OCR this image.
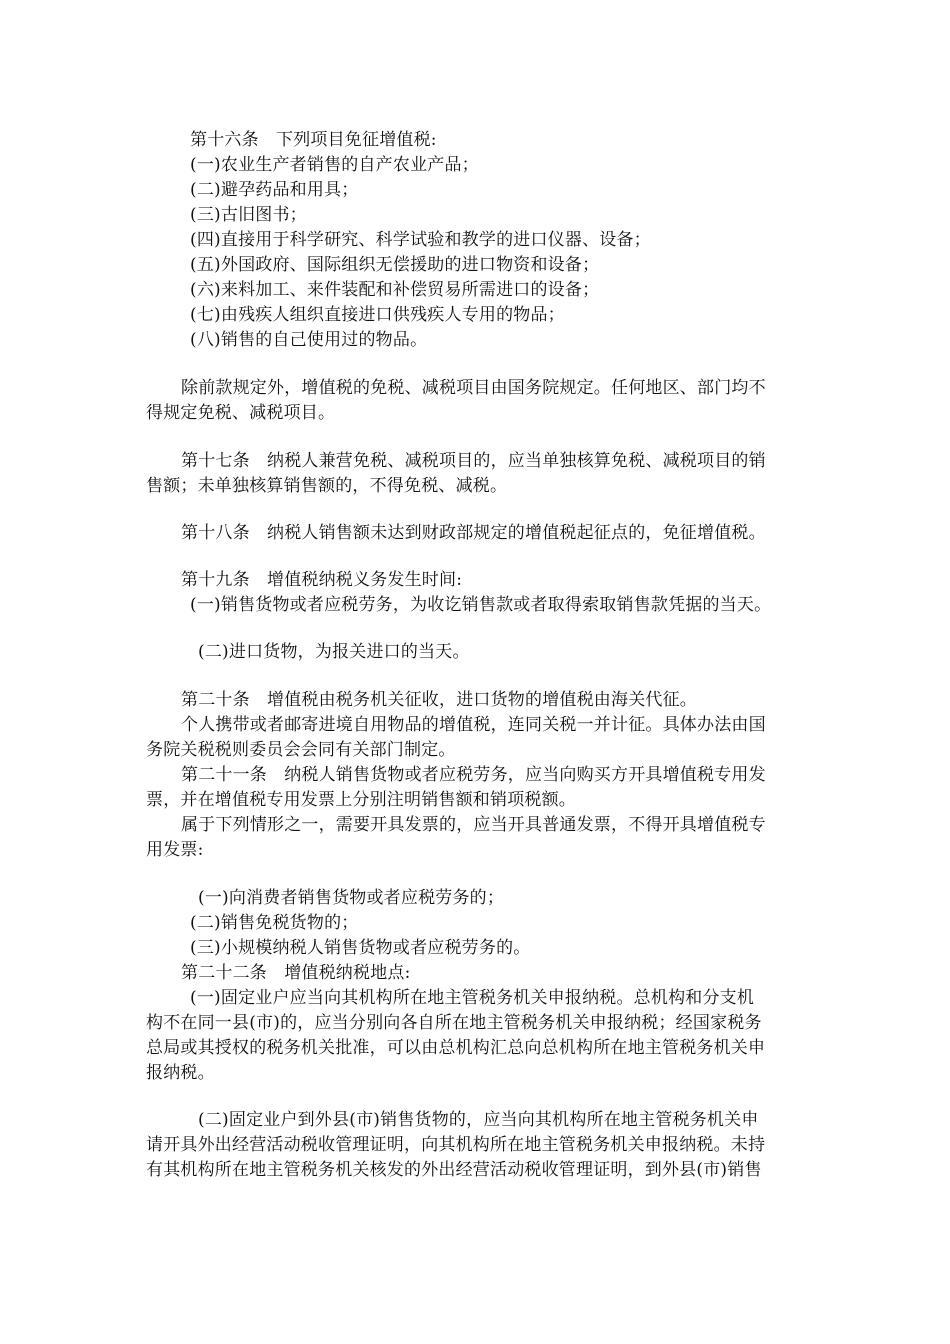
第十六条　下列项目免征增值税:
(一)农业生产者销售的自产农业产品；
(二)避孕药品和用具；
(三)古旧图书；
(四)直接用于科学研究、科学试验和教学的进口仪器、设备；
(五)外国政府、国际组织无偿援助的进口物资和设备；
(六)来料加工、来件装配和补偿贸易所需进口的设备；
(七)由残疾人组织直接进口供残疾人专用的物品；
(八)销售的自己使用过的物品。
除前款规定外，增值税的免税、减税项目由国务院规定。任何地区、部门均不
得规定免税、减税项目。
第十七条　纳税人兼营免税、减税项目的，应当单独核算免税、减税项目的销
售额；未单独核算销售额的，不得免税、减税。
第十八条　纳税人销售额未达到财政部规定的增值税起征点的，免征增值税。
第十九条　增值税纳税义务发生时间:
(一)销售货物或者应税劳务，为收讫销售款或者取得索取销售款凭据的当天。
(二)进口货物，为报关进口的当天。
第二十条　增值税由税务机关征收，进口货物的增值税由海关代征。
个人携带或者邮寄进境自用物品的增值税，连同关税一并计征。具体办法由国
务院关税税则委员会会同有关部门制定。
第二十一条　纳税人销售货物或者应税劳务，应当向购买方开具增值税专用发
票，并在增值税专用发票上分别注明销售额和销项税额。
属于下列情形之一，需要开具发票的，应当开具普通发票，不得开具增值税专
用发票:
(一)向消费者销售货物或者应税劳务的；
(二)销售免税货物的；
(三)小规模纳税人销售货物或者应税劳务的。
第二十二条　增值税纳税地点:
(一)固定业户应当向其机构所在地主管税务机关申报纳税。总机构和分支机
构不在同一县(市)的，应当分别向各自所在地主管税务机关申报纳税；经国家税务
总局或其授权的税务机关批准，可以由总机构汇总向总机构所在地主管税务机关申
报纳税。
(二)固定业户到外县(市)销售货物的，应当向其机构所在地主管税务机关申
请开具外出经营活动税收管理证明，向其机构所在地主管税务机关申报纳税。未持
有其机构所在地主管税务机关核发的外出经营活动税收管理证明，到外县(市)销售
